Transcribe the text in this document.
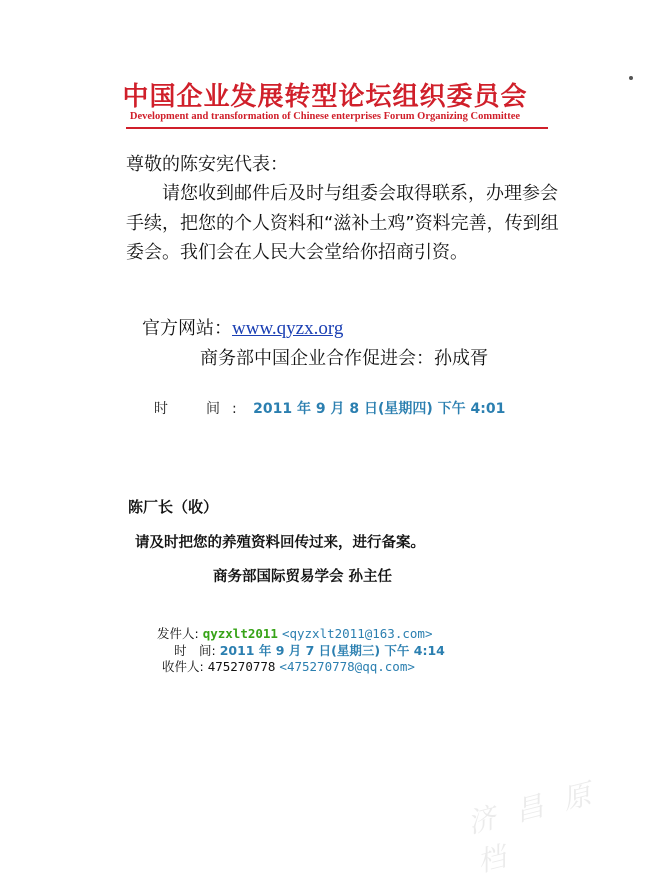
中国企业发展转型论坛组织委员会
Development and transformation of Chinese enterprises Forum Organizing Committee
尊敬的陈安宪代表：
请您收到邮件后及时与组委会取得联系，办理参会手续，把您的个人资料和“滋补土鸡”资料完善，传到组委会。我们会在人民大会堂给你招商引资。
官方网站：www.qyzx.org
商务部中国企业合作促进会：孙成胥
时　间: 2011 年 9 月 8 日(星期四) 下午 4:01
陈厂长（收）
请及时把您的养殖资料回传过来，进行备案。
商务部国际贸易学会 孙主任
发件人: qyzxlt2011 <qyzxlt2011@163.com>
时　间: 2011 年 9 月 7 日(星期三) 下午 4:14
收件人: 475270778 <475270778@qq.com>
济 昌 原 档
